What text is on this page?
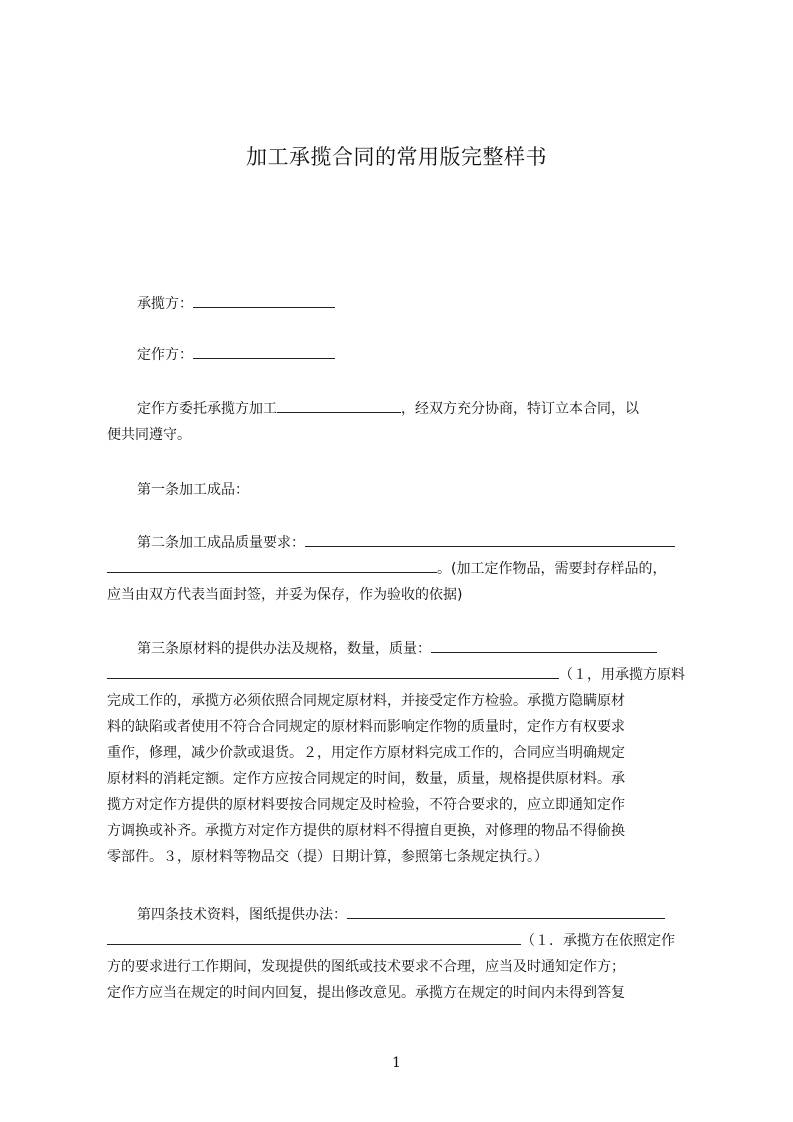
加工承揽合同的常用版完整样书
承揽方：
定作方：
定作方委托承揽方加工	，经双方充分协商，特订立本合同，以
便共同遵守。
第一条加工成品：
第二条加工成品质量要求：
。(加工定作物品，需要封存样品的，
应当由双方代表当面封签，并妥为保存，作为验收的依据)
第三条原材料的提供办法及规格，数量，质量：
（１，用承揽方原料
完成工作的，承揽方必须依照合同规定原材料，并接受定作方检验。承揽方隐瞒原材
料的缺陷或者使用不符合合同规定的原材料而影响定作物的质量时，定作方有权要求
重作，修理，减少价款或退货。２，用定作方原材料完成工作的，合同应当明确规定
原材料的消耗定额。定作方应按合同规定的时间，数量，质量，规格提供原材料。承
揽方对定作方提供的原材料要按合同规定及时检验，不符合要求的，应立即通知定作
方调换或补齐。承揽方对定作方提供的原材料不得擅自更换，对修理的物品不得偷换
零部件。３，原材料等物品交（提）日期计算，参照第七条规定执行。）
第四条技术资料，图纸提供办法：
（１．承揽方在依照定作
方的要求进行工作期间，发现提供的图纸或技术要求不合理，应当及时通知定作方；
定作方应当在规定的时间内回复，提出修改意见。承揽方在规定的时间内未得到答复
1
